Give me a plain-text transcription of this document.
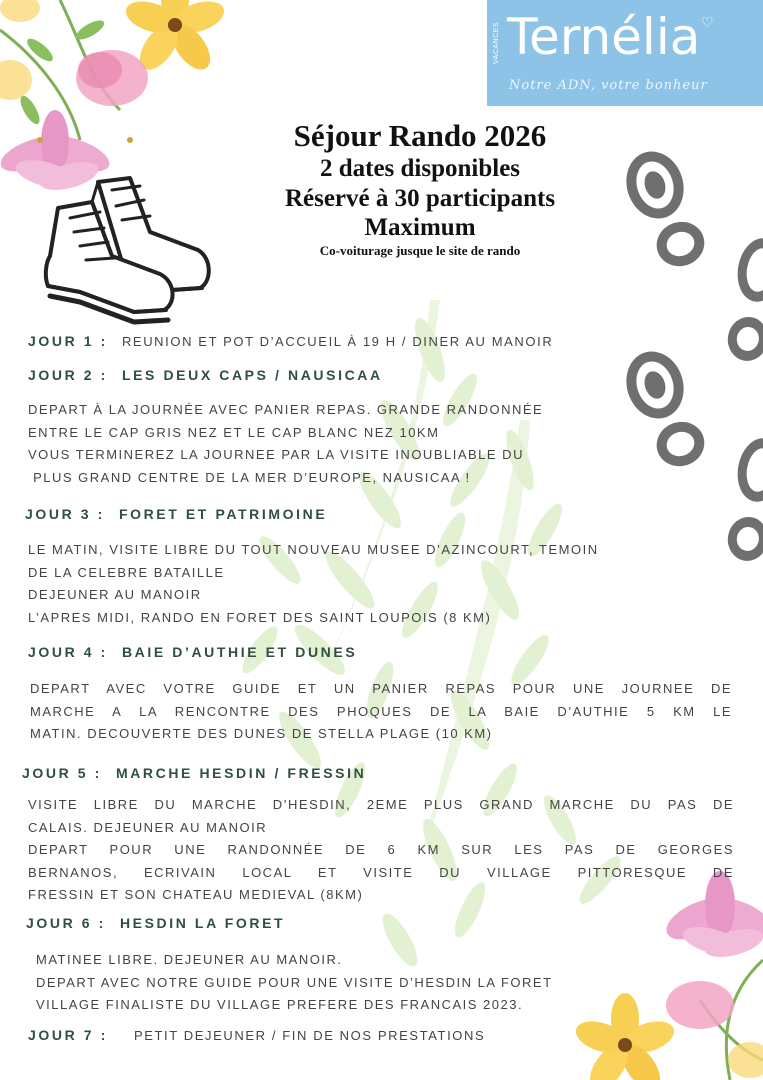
VACANCES Ternélia ♡
Notre ADN, votre bonheur
Séjour Rando 2026
2 dates disponibles
Réservé à 30 participants
Maximum
Co-voiturage jusque le site de rando
JOUR 1 : REUNION ET POT D’ACCUEIL À 19 H / DINER AU MANOIR
JOUR 2 : LES DEUX CAPS / NAUSICAA
DEPART À LA JOURNÉE AVEC PANIER REPAS. GRANDE RANDONNÉE
ENTRE LE CAP GRIS NEZ ET LE CAP BLANC NEZ 10KM
VOUS TERMINEREZ LA JOURNEE PAR LA VISITE INOUBLIABLE DU
PLUS GRAND CENTRE DE LA MER D’EUROPE, NAUSICAA !
JOUR 3 : FORET ET PATRIMOINE
LE MATIN, VISITE LIBRE DU TOUT NOUVEAU MUSEE D’AZINCOURT, TEMOIN
DE LA CELEBRE BATAILLE
DEJEUNER AU MANOIR
L’APRES MIDI, RANDO EN FORET DES SAINT LOUPOIS (8 KM)
JOUR 4 : BAIE D’AUTHIE ET DUNES
DEPART AVEC VOTRE GUIDE ET UN PANIER REPAS POUR UNE JOURNEE DE
MARCHE A LA RENCONTRE DES PHOQUES DE LA BAIE D’AUTHIE 5 KM LE
MATIN. DECOUVERTE DES DUNES DE STELLA PLAGE (10 KM)
JOUR 5 : MARCHE HESDIN / FRESSIN
VISITE LIBRE DU MARCHE D’HESDIN, 2EME PLUS GRAND MARCHE DU PAS DE
CALAIS. DEJEUNER AU MANOIR
DEPART POUR UNE RANDONNÉE DE 6 KM SUR LES PAS DE GEORGES
BERNANOS, ECRIVAIN LOCAL ET VISITE DU VILLAGE PITTORESQUE DE
FRESSIN ET SON CHATEAU MEDIEVAL (8KM)
JOUR 6 : HESDIN LA FORET
MATINEE LIBRE. DEJEUNER AU MANOIR.
DEPART AVEC NOTRE GUIDE POUR UNE VISITE D’HESDIN LA FORET
VILLAGE FINALISTE DU VILLAGE PREFERE DES FRANCAIS 2023.
JOUR 7 : PETIT DEJEUNER / FIN DE NOS PRESTATIONS
